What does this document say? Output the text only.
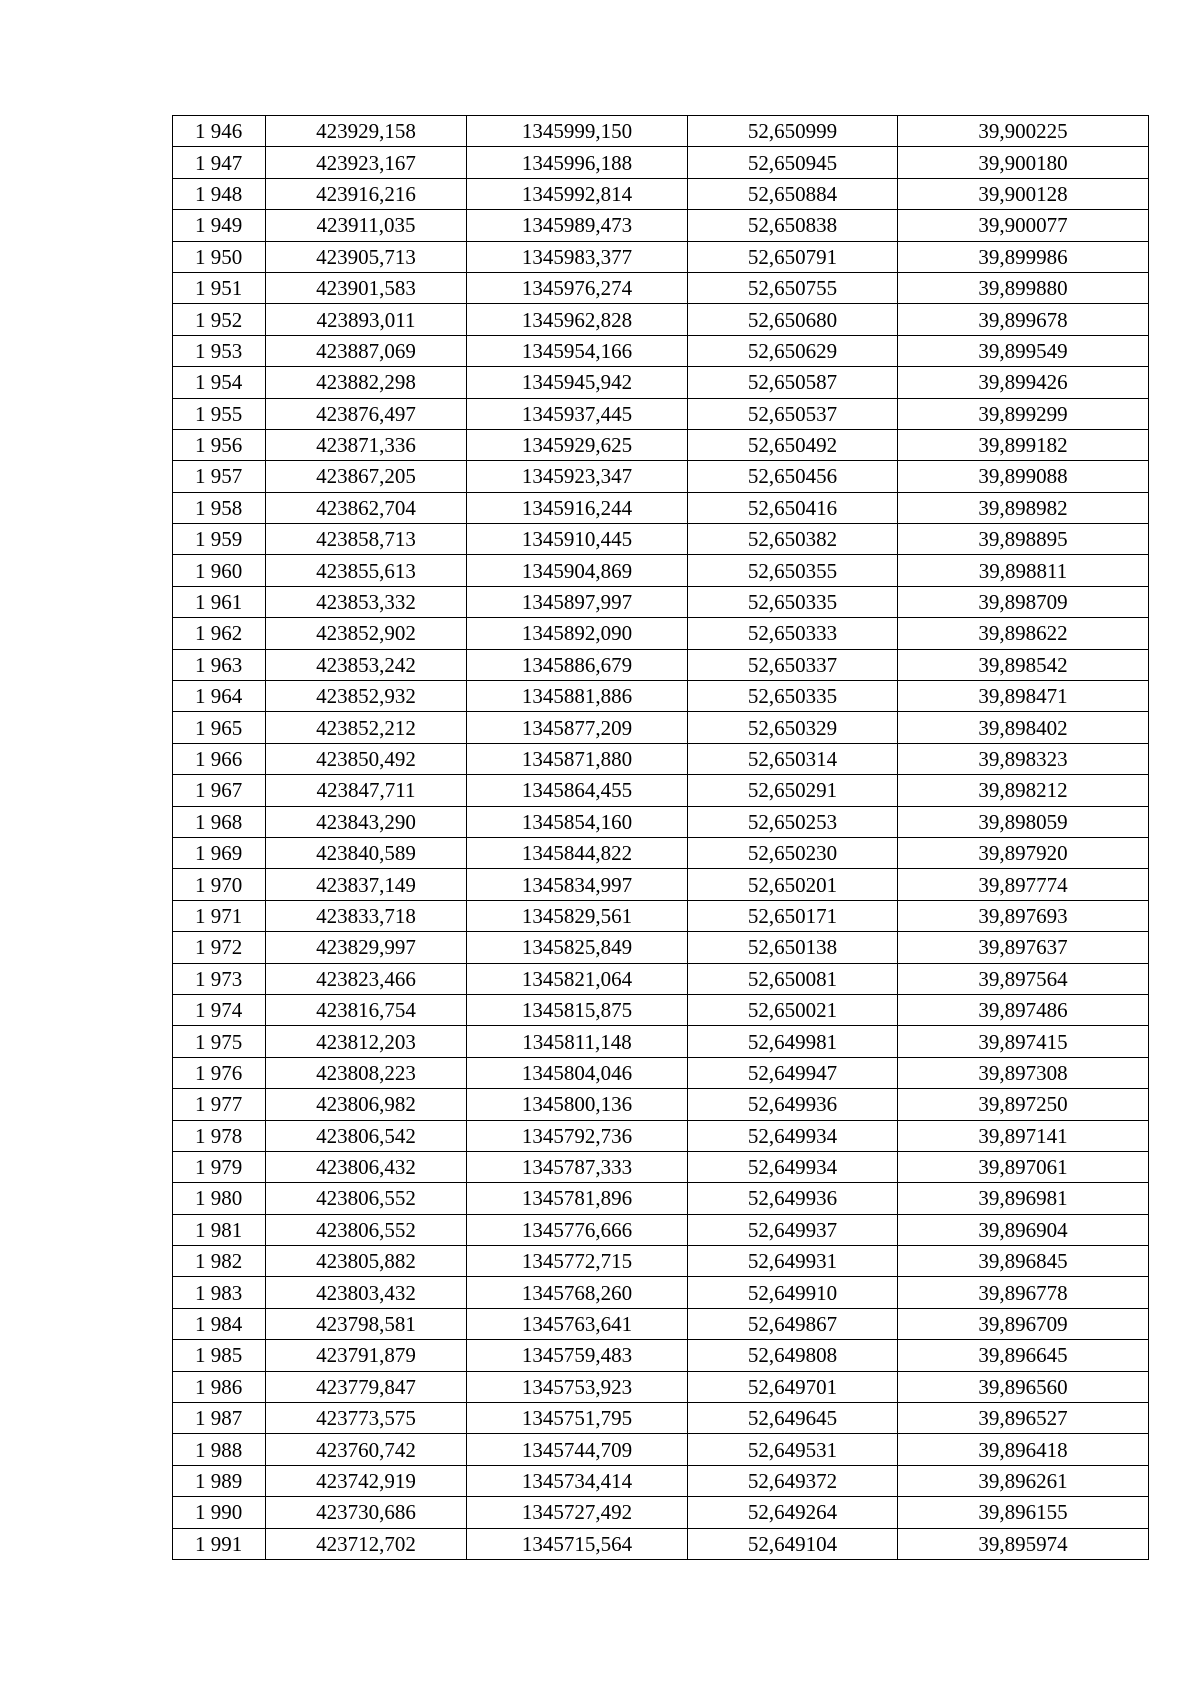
1 946	423929,158	1345999,150	52,650999	39,900225
1 947	423923,167	1345996,188	52,650945	39,900180
1 948	423916,216	1345992,814	52,650884	39,900128
1 949	423911,035	1345989,473	52,650838	39,900077
1 950	423905,713	1345983,377	52,650791	39,899986
1 951	423901,583	1345976,274	52,650755	39,899880
1 952	423893,011	1345962,828	52,650680	39,899678
1 953	423887,069	1345954,166	52,650629	39,899549
1 954	423882,298	1345945,942	52,650587	39,899426
1 955	423876,497	1345937,445	52,650537	39,899299
1 956	423871,336	1345929,625	52,650492	39,899182
1 957	423867,205	1345923,347	52,650456	39,899088
1 958	423862,704	1345916,244	52,650416	39,898982
1 959	423858,713	1345910,445	52,650382	39,898895
1 960	423855,613	1345904,869	52,650355	39,898811
1 961	423853,332	1345897,997	52,650335	39,898709
1 962	423852,902	1345892,090	52,650333	39,898622
1 963	423853,242	1345886,679	52,650337	39,898542
1 964	423852,932	1345881,886	52,650335	39,898471
1 965	423852,212	1345877,209	52,650329	39,898402
1 966	423850,492	1345871,880	52,650314	39,898323
1 967	423847,711	1345864,455	52,650291	39,898212
1 968	423843,290	1345854,160	52,650253	39,898059
1 969	423840,589	1345844,822	52,650230	39,897920
1 970	423837,149	1345834,997	52,650201	39,897774
1 971	423833,718	1345829,561	52,650171	39,897693
1 972	423829,997	1345825,849	52,650138	39,897637
1 973	423823,466	1345821,064	52,650081	39,897564
1 974	423816,754	1345815,875	52,650021	39,897486
1 975	423812,203	1345811,148	52,649981	39,897415
1 976	423808,223	1345804,046	52,649947	39,897308
1 977	423806,982	1345800,136	52,649936	39,897250
1 978	423806,542	1345792,736	52,649934	39,897141
1 979	423806,432	1345787,333	52,649934	39,897061
1 980	423806,552	1345781,896	52,649936	39,896981
1 981	423806,552	1345776,666	52,649937	39,896904
1 982	423805,882	1345772,715	52,649931	39,896845
1 983	423803,432	1345768,260	52,649910	39,896778
1 984	423798,581	1345763,641	52,649867	39,896709
1 985	423791,879	1345759,483	52,649808	39,896645
1 986	423779,847	1345753,923	52,649701	39,896560
1 987	423773,575	1345751,795	52,649645	39,896527
1 988	423760,742	1345744,709	52,649531	39,896418
1 989	423742,919	1345734,414	52,649372	39,896261
1 990	423730,686	1345727,492	52,649264	39,896155
1 991	423712,702	1345715,564	52,649104	39,895974
